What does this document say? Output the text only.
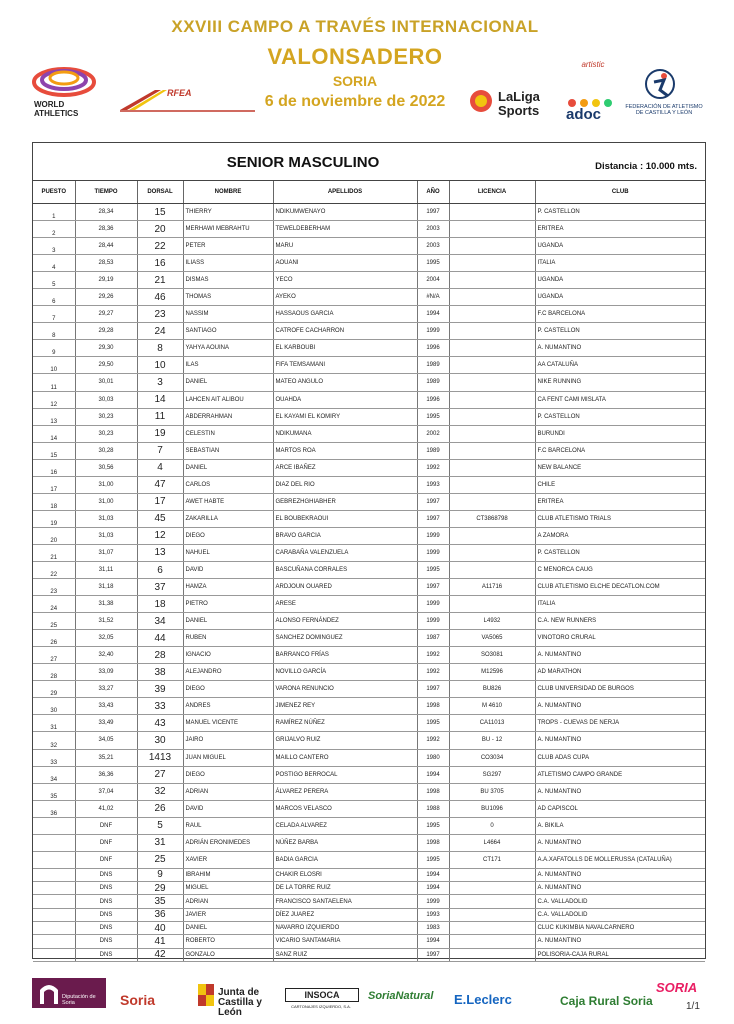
WORLD ATHLETICS
RFEA
XXVIII CAMPO A TRAVÉS INTERNACIONAL
VALONSADERO
SORIA
6 de noviembre de 2022	LaLiga Sports
artistic
adoc	FEDERACIÓN DE ATLETISMO DE CASTILLA Y LEÓN
SENIOR MASCULINO	Distancia : 10.000 mts.
PUESTO	TIEMPO	DORSAL	NOMBRE	APELLIDOS	AÑO	LICENCIA	CLUB
1	28,34	15	THIERRY	NDIKUMWENAYO	1997		P. CASTELLON
2	28,36	20	MERHAWI MEBRAHTU	TEWELDEBERHAM	2003		ERITREA
3	28,44	22	PETER	MARU	2003		UGANDA
4	28,53	16	ILIASS	AOUANI	1995		ITALIA
5	29,19	21	DISMAS	YECO	2004		UGANDA
6	29,26	46	THOMAS	AYEKO	#N/A		UGANDA
7	29,27	23	NASSIM	HASSAOUS GARCIA	1994		F.C BARCELONA
8	29,28	24	SANTIAGO	CATROFE CACHARRON	1999		P. CASTELLON
9	29,30	8	YAHYA AOUINA	EL KARBOUBI	1996		A. NUMANTINO
10	29,50	10	ILAS	FIFA TEMSAMANI	1989		AA CATALUÑA
11	30,01	3	DANIEL	MATEO ANGULO	1989		NIKE RUNNING
12	30,03	14	LAHCEN AIT ALIBOU	OUAHDA	1996		CA FENT CAMI MISLATA
13	30,23	11	ABDERRAHMAN	EL KAYAMI EL KOMIRY	1995		P. CASTELLON
14	30,23	19	CELESTIN	NDIKUMANA	2002		BURUNDI
15	30,28	7	SEBASTIAN	MARTOS ROA	1989		F.C BARCELONA
16	30,56	4	DANIEL	ARCE IBAÑEZ	1992		NEW BALANCE
17	31,00	47	CARLOS	DIAZ DEL RIO	1993		CHILE
18	31,00	17	AWET HABTE	GEBREZHGHIABHER	1997		ERITREA
19	31,03	45	ZAKARILLA	EL BOUBEKRAOUI	1997	CT3868798	CLUB ATLETISMO TRIALS
20	31,03	12	DIEGO	BRAVO GARCIA	1999		A ZAMORA
21	31,07	13	NAHUEL	CARABAÑA VALENZUELA	1999		P. CASTELLON
22	31,11	6	DAVID	BASCUÑANA CORRALES	1995		C MENORCA CAUG
23	31,18	37	HAMZA	ARDJOUN OUARED	1997	A11716	CLUB ATLETISMO ELCHE DECATLON.COM
24	31,38	18	PIETRO	ARESE	1999		ITALIA
25	31,52	34	DANIEL	ALONSO FERNÁNDEZ	1999	L4932	C.A. NEW RUNNERS
26	32,05	44	RUBEN	SANCHEZ DOMINGUEZ	1987	VA5065	VINOTORO CRURAL
27	32,40	28	IGNACIO	BARRANCO FRÍAS	1992	SO3081	A. NUMANTINO
28	33,09	38	ALEJANDRO	NOVILLO GARCÍA	1992	M12596	AD MARATHON
29	33,27	39	DIEGO	VARONA RENUNCIO	1997	BU826	CLUB UNIVERSIDAD DE BURGOS
30	33,43	33	ANDRES	JIMENEZ REY	1998	M 4610	A. NUMANTINO
31	33,49	43	MANUEL VICENTE	RAMÍREZ NÚÑEZ	1995	CA11013	TROPS - CUEVAS DE NERJA
32	34,05	30	JAIRO	GRIJALVO RUIZ	1992	BU - 12	A. NUMANTINO
33	35,21	1413	JUAN MIGUEL	MAILLO CANTERO	1980	CO3034	CLUB ADAS CUPA
34	36,36	27	DIEGO	POSTIGO BERROCAL	1994	SG297	ATLETISMO CAMPO GRANDE
35	37,04	32	ADRIAN	ÁLVAREZ PERERA	1998	BU 3705	A. NUMANTINO
36	41,02	26	DAVID	MARCOS VELASCO	1988	BU1096	AD CAPISCOL
	DNF	5	RAUL	CELADA ALVAREZ	1995	0	A. BIKILA
	DNF	31	ADRIÁN ERONIMEDES	NÚÑEZ BARBA	1998	L4664	A. NUMANTINO
	DNF	25	XAVIER	BADIA GARCIA	1995	CT171	A.A.XAFATOLLS DE MOLLERUSSA (CATALUÑA)
	DNS	9	IBRAHIM	CHAKIR ELOSRI	1994		A. NUMANTINO
	DNS	29	MIGUEL	DE LA TORRE RUIZ	1994		A. NUMANTINO
	DNS	35	ADRIAN	FRANCISCO SANTAELENA	1999		C.A. VALLADOLID
	DNS	36	JAVIER	DÍEZ JUAREZ	1993		C.A. VALLADOLID
	DNS	40	DANIEL	NAVARRO IZQUIERDO	1983		CLUC KUKIMBIA NAVALCARNERO
	DNS	41	ROBERTO	VICARIO SANTAMARIA	1994		A. NUMANTINO
	DNS	42	GONZALO	SANZ RUIZ	1997		POLISORIA-CAJA RURAL
Diputación de Soria	Soria	Junta de Castilla y León
INSOCA
CARTONAJES IZQUIERDO, S.A.
SoriaNatural E.Leclerc	Caja Rural Soria
SORIA
1/1
